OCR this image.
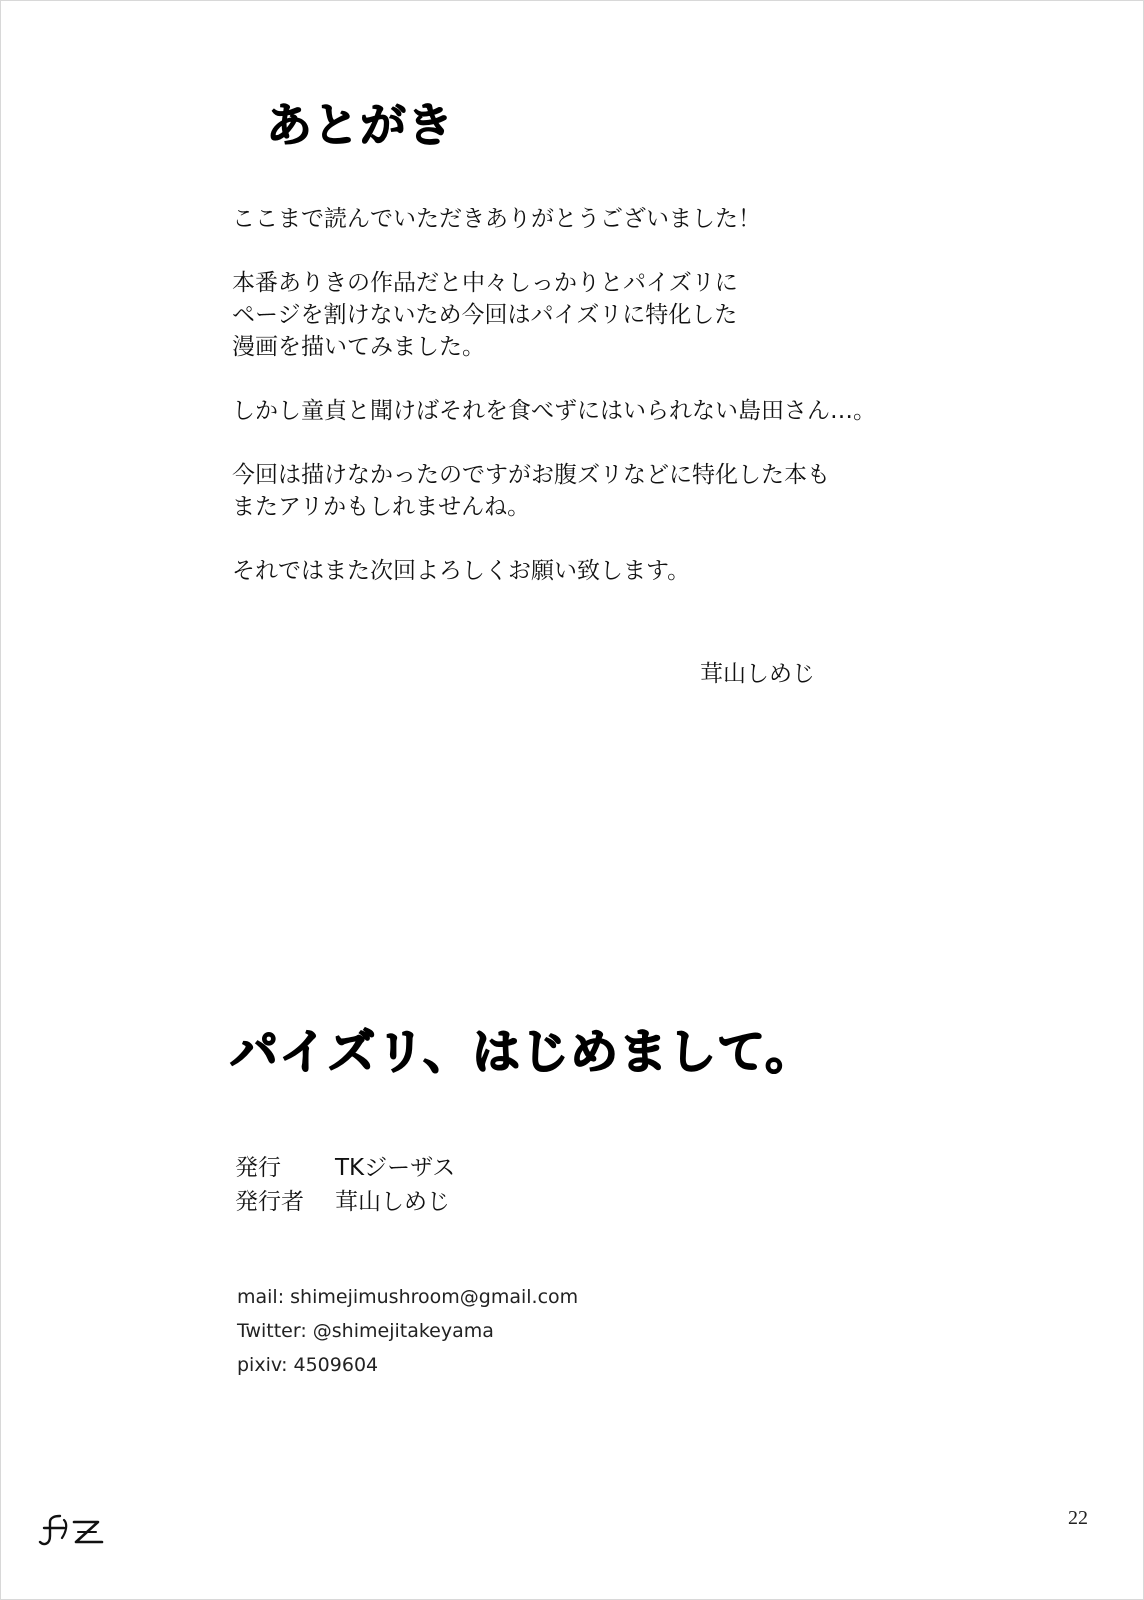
あとがき

ここまで読んでいただきありがとうございました！

本番ありきの作品だと中々しっかりとパイズリに
ページを割けないため今回はパイズリに特化した
漫画を描いてみました。

しかし童貞と聞けばそれを食べずにはいられない島田さん…。

今回は描けなかったのですがお腹ズリなどに特化した本も
またアリかもしれませんね。

それではまた次回よろしくお願い致します。

茸山しめじ
パイズリ、はじめまして。
発行	TKジーザス
発行者	茸山しめじ
mail: shimejimushroom@gmail.com
Twitter: @shimejitakeyama
pixiv: 4509604
22
